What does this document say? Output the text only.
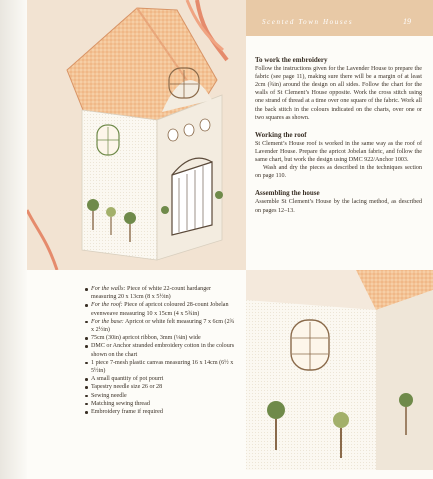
Scented Town Houses	19
To work the embroidery

Follow the instructions given for the Lavender House to prepare the fabric (see page 11), making sure there will be a margin of at least 2cm (¾in) around the design on all sides. Follow the chart for the walls of St Clement’s House opposite. Work the cross stitch using one strand of thread at a time over one square of the fabric. Work all the back stitch in the colours indicated on the charts, over one or two squares as shown.

Working the roof

St Clement’s House roof is worked in the same way as the roof of Lavender House. Prepare the apricot Jobelan fabric, and follow the same chart, but work the design using DMC 922/Anchor 1003.

Wash and dry the pieces as described in the techniques section on page 110.

Assembling the house

Assemble St Clement’s House by the lacing method, as described on pages 12–13.

For the walls: Piece of white 22-count hardanger measuring 20 x 13cm (8 x 5½in)
For the roof: Piece of apricot coloured 28-count Jobelan evenweave measuring 10 x 15cm (4 x 5¾in)
For the base: Apricot or white felt measuring 7 x 6cm (2¾ x 2½in)
75cm (30in) apricot ribbon, 3mm (⅛in) wide
DMC or Anchor stranded embroidery cotton in the colours shown on the chart
1 piece 7-mesh plastic canvas measuring 16 x 14cm (6½ x 5½in)
A small quantity of pot pourri
Tapestry needle size 26 or 28
Sewing needle
Matching sewing thread
Embroidery frame if required
